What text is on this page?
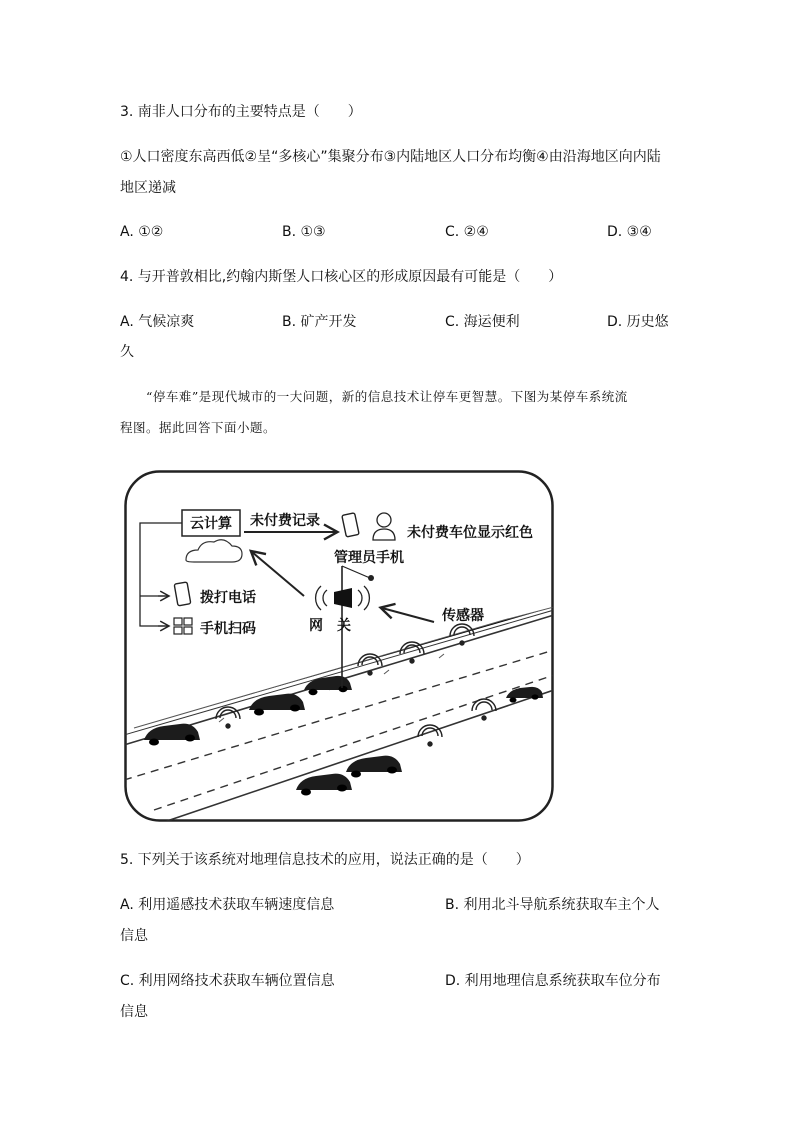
3. 南非人口分布的主要特点是（　　）
①人口密度东高西低②呈“多核心”集聚分布③内陆地区人口分布均衡④由沿海地区向内陆
地区递减
A. ①②	B. ①③	C. ②④	D. ③④
4. 与开普敦相比,约翰内斯堡人口核心区的形成原因最有可能是（　　）
A. 气候凉爽	B. 矿产开发	C. 海运便利	D. 历史悠
久
“停车难”是现代城市的一大问题，新的信息技术让停车更智慧。下图为某停车系统流
程图。据此回答下面小题。
云计算 未付费记录
未付费车位显示红色
管理员手机
拨打电话
手机扫码	网　关
传感器
5. 下列关于该系统对地理信息技术的应用，说法正确的是（　　）
A. 利用遥感技术获取车辆速度信息	B. 利用北斗导航系统获取车主个人
信息
C. 利用网络技术获取车辆位置信息	D. 利用地理信息系统获取车位分布
信息
